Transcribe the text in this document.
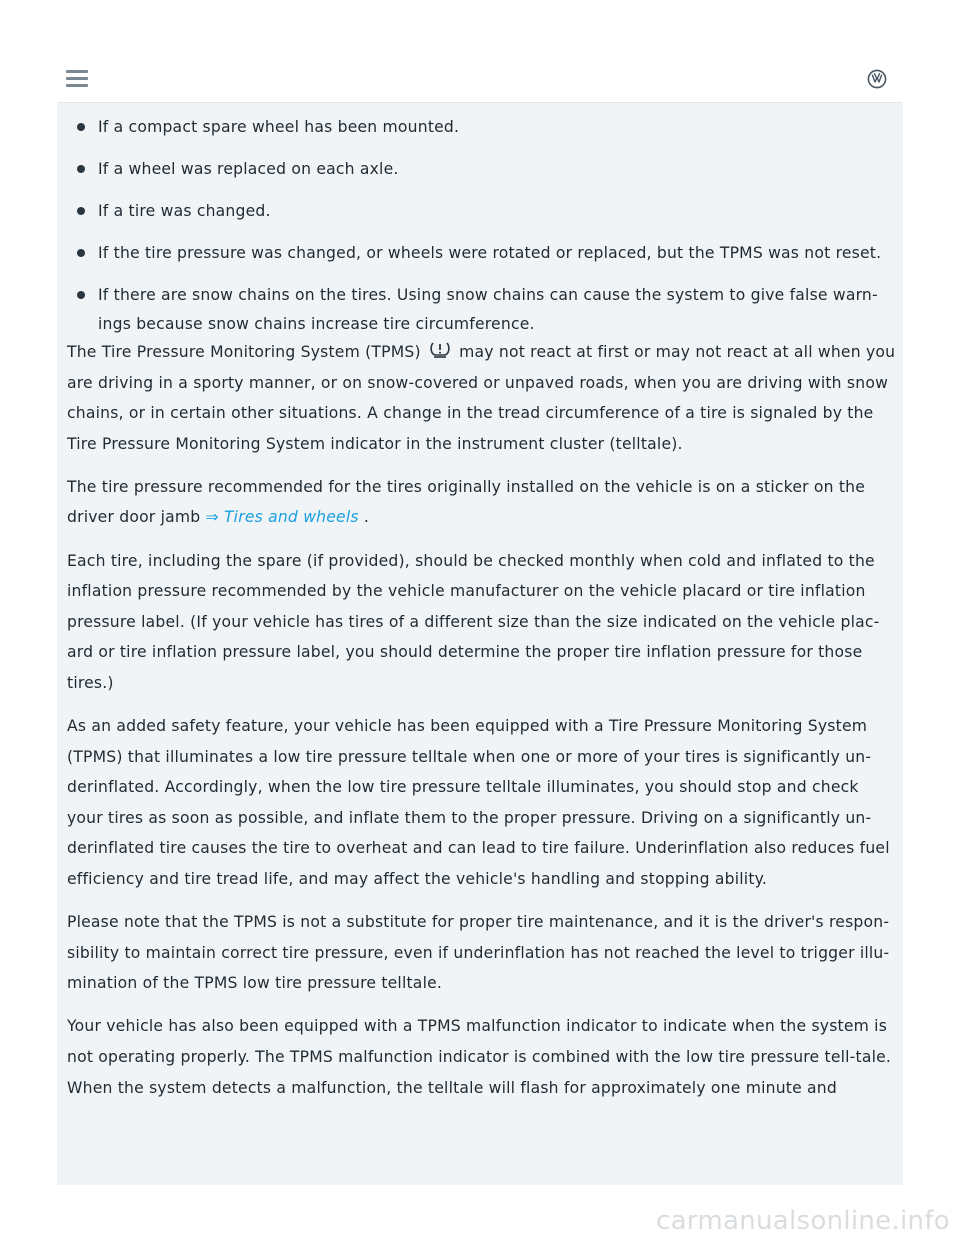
If a compact spare wheel has been mounted.
If a wheel was replaced on each axle.
If a tire was changed.
If the tire pressure was changed, or wheels were rotated or replaced, but the TPMS was not reset.
If there are snow chains on the tires. Using snow chains can cause the system to give false warn-ings because snow chains increase tire circumference.

The Tire Pressure Monitoring System (TPMS) may not react at first or may not react at all when you are driving in a sporty manner, or on snow-covered or unpaved roads, when you are driving with snow chains, or in certain other situations. A change in the tread circumference of a tire is signaled by the Tire Pressure Monitoring System indicator in the instrument cluster (telltale).

The tire pressure recommended for the tires originally installed on the vehicle is on a sticker on the driver door jamb ⇒ Tires and wheels .

Each tire, including the spare (if provided), should be checked monthly when cold and inflated to the inflation pressure recommended by the vehicle manufacturer on the vehicle placard or tire inflation pressure label. (If your vehicle has tires of a different size than the size indicated on the vehicle plac-ard or tire inflation pressure label, you should determine the proper tire inflation pressure for those tires.)

As an added safety feature, your vehicle has been equipped with a Tire Pressure Monitoring System (TPMS) that illuminates a low tire pressure telltale when one or more of your tires is significantly un-derinflated. Accordingly, when the low tire pressure telltale illuminates, you should stop and check your tires as soon as possible, and inflate them to the proper pressure. Driving on a significantly un-derinflated tire causes the tire to overheat and can lead to tire failure. Underinflation also reduces fuel efficiency and tire tread life, and may affect the vehicle's handling and stopping ability.

Please note that the TPMS is not a substitute for proper tire maintenance, and it is the driver's respon-sibility to maintain correct tire pressure, even if underinflation has not reached the level to trigger illu-mination of the TPMS low tire pressure telltale.

Your vehicle has also been equipped with a TPMS malfunction indicator to indicate when the system is not operating properly. The TPMS malfunction indicator is combined with the low tire pressure tell-tale. When the system detects a malfunction, the telltale will flash for approximately one minute and

carmanualsonline.info
